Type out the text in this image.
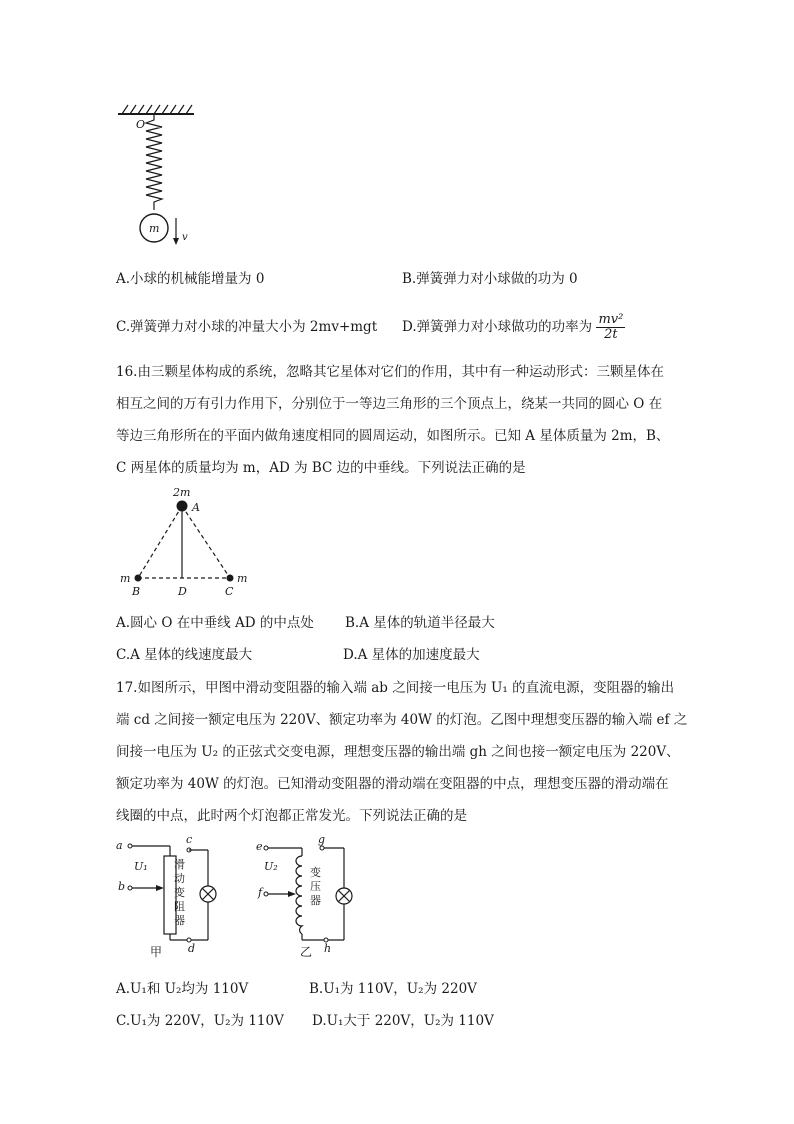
O
m
v
A.小球的机械能增量为 0	B.弹簧弹力对小球做的功为 0
C.弹簧弹力对小球的冲量大小为 2mv+mgt D.弹簧弹力对小球做功的功率为 $\frac{\text{mv²}}{2t}$
16.由三颗星体构成的系统，忽略其它星体对它们的作用，其中有一种运动形式：三颗星体在
相互之间的万有引力作用下，分别位于一等边三角形的三个顶点上，绕某一共同的圆心 O 在
等边三角形所在的平面内做角速度相同的圆周运动，如图所示。已知 A 星体质量为 2m，B、
C 两星体的质量均为 m，AD 为 BC 边的中垂线。下列说法正确的是
2m
A
m	m
B	D	C
A.圆心 O 在中垂线 AD 的中点处 B.A 星体的轨道半径最大
C.A 星体的线速度最大	D.A 星体的加速度最大
17.如图所示，甲图中滑动变阻器的输入端 ab 之间接一电压为 U₁ 的直流电源，变阻器的输出
端 cd 之间接一额定电压为 220V、额定功率为 40W 的灯泡。乙图中理想变压器的输入端 ef 之
间接一电压为 U₂ 的正弦式交变电源，理想变压器的输出端 gh 之间也接一额定电压为 220V、
额定功率为 40W 的灯泡。已知滑动变阻器的滑动端在变阻器的中点，理想变压器的滑动端在
线圈的中点，此时两个灯泡都正常发光。下列说法正确的是
a	c
滑
动
变
阻
器
U₁
b
d
甲
e
g
变
压
器
U₂
f
h
乙
A.U₁和 U₂均为 110V	B.U₁为 110V，U₂为 220V
C.U₁为 220V，U₂为 110V D.U₁大于 220V，U₂为 110V
